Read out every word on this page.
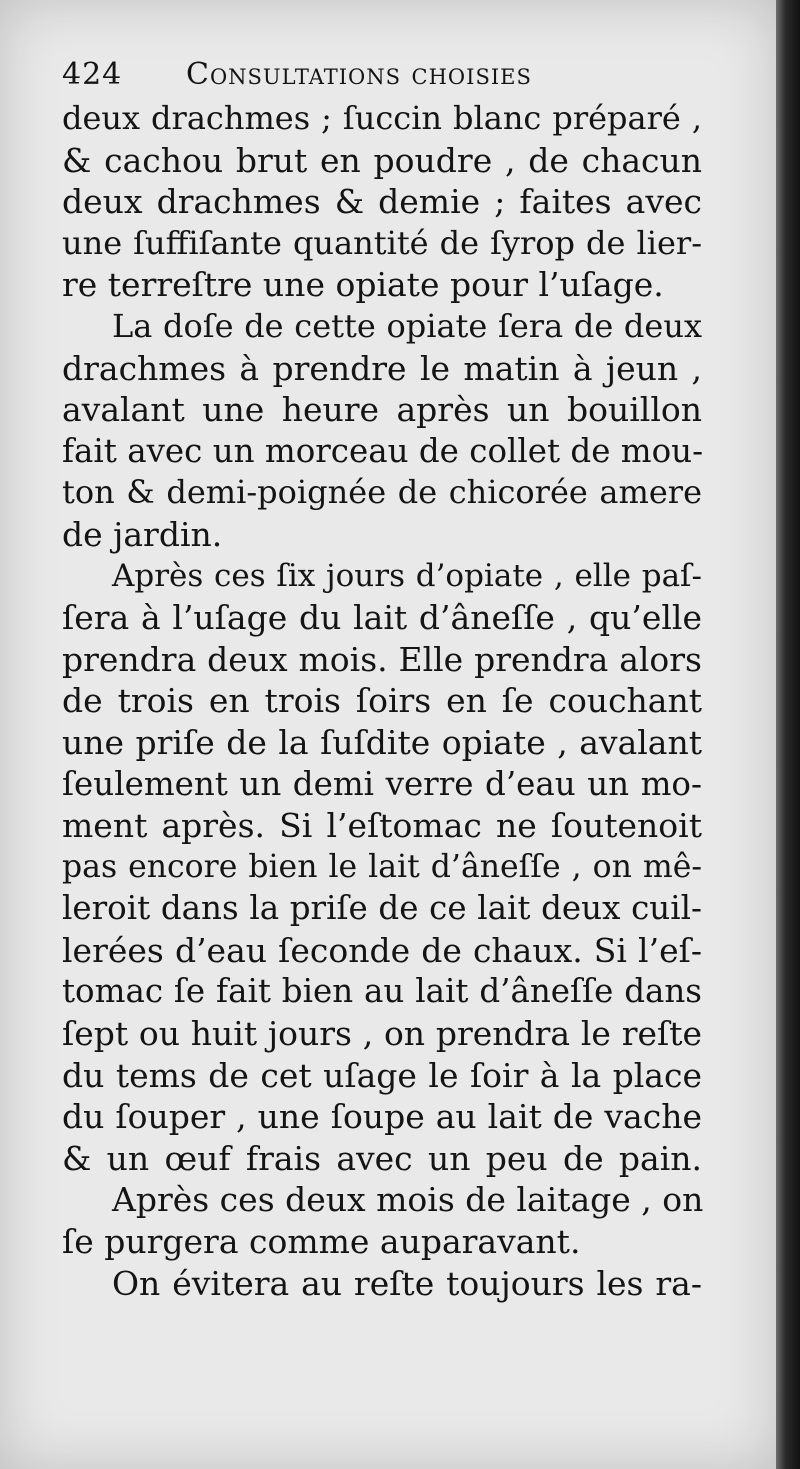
424 Consultations choisies
deux drachmes ; ſuccin blanc préparé ,
& cachou brut en poudre , de chacun
deux drachmes & demie ; faites avec
une ſuffiſante quantité de ſyrop de lier-
re terreſtre une opiate pour l’uſage.
La doſe de cette opiate ſera de deux
drachmes à prendre le matin à jeun ,
avalant une heure après un bouillon
fait avec un morceau de collet de mou-
ton & demi-poignée de chicorée amere
de jardin.
Après ces ſix jours d’opiate , elle paſ-
ſera à l’uſage du lait d’âneſſe , qu’elle
prendra deux mois. Elle prendra alors
de trois en trois ſoirs en ſe couchant
une priſe de la ſuſdite opiate , avalant
ſeulement un demi verre d’eau un mo-
ment après. Si l’eſtomac ne ſoutenoit
pas encore bien le lait d’âneſſe , on mê-
leroit dans la priſe de ce lait deux cuil-
lerées d’eau ſeconde de chaux. Si l’eſ-
tomac ſe fait bien au lait d’âneſſe dans
ſept ou huit jours , on prendra le reſte
du tems de cet uſage le ſoir à la place
du ſouper , une ſoupe au lait de vache
& un œuf frais avec un peu de pain.
Après ces deux mois de laitage , on
ſe purgera comme auparavant.
On évitera au reſte toujours les ra-
